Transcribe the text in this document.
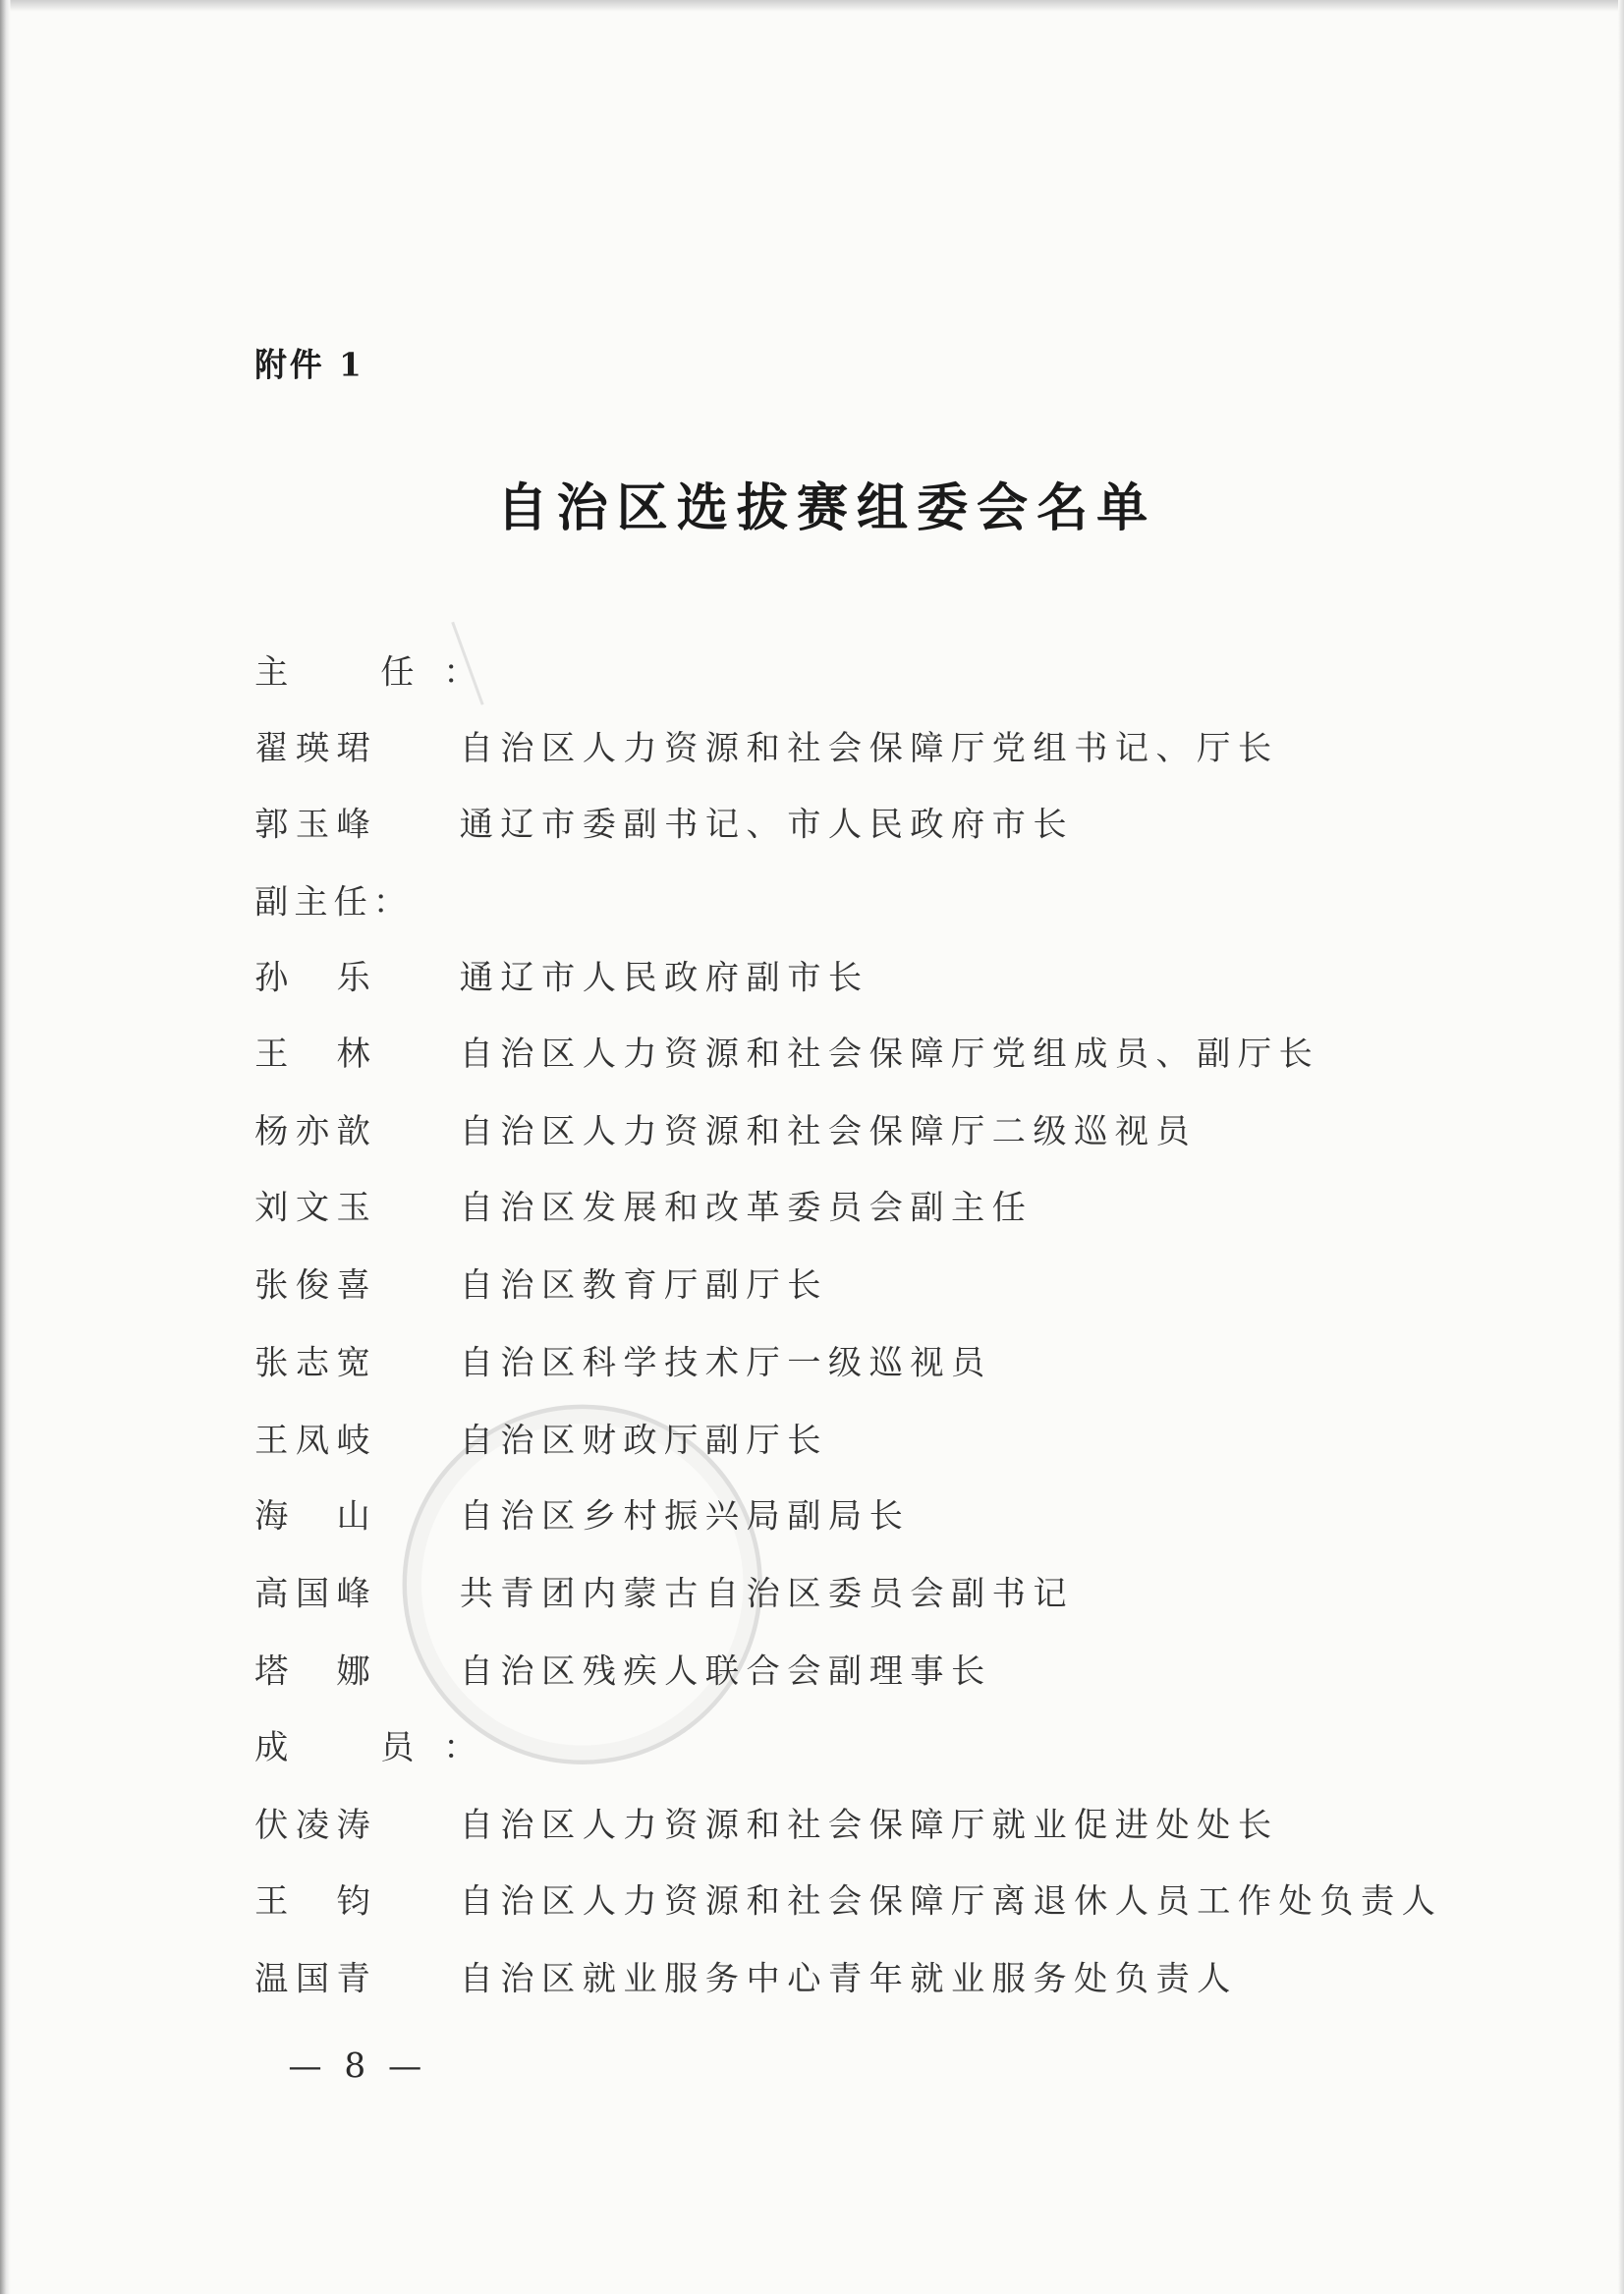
附件 1
自治区选拔赛组委会名单
主　任：
翟瑛珺	自治区人力资源和社会保障厅党组书记、厅长
郭玉峰	通辽市委副书记、市人民政府市长
副主任：
孙乐 通辽市人民政府副市长
王林 自治区人力资源和社会保障厅党组成员、副厅长
杨亦歆	自治区人力资源和社会保障厅二级巡视员
刘文玉	自治区发展和改革委员会副主任
张俊喜	自治区教育厅副厅长
张志宽	自治区科学技术厅一级巡视员
王凤岐	自治区财政厅副厅长
海山 自治区乡村振兴局副局长
高国峰	共青团内蒙古自治区委员会副书记
塔娜 自治区残疾人联合会副理事长
成　员：
伏凌涛	自治区人力资源和社会保障厅就业促进处处长
王钧 自治区人力资源和社会保障厅离退休人员工作处负责人
温国青	自治区就业服务中心青年就业服务处负责人
— 8 —
